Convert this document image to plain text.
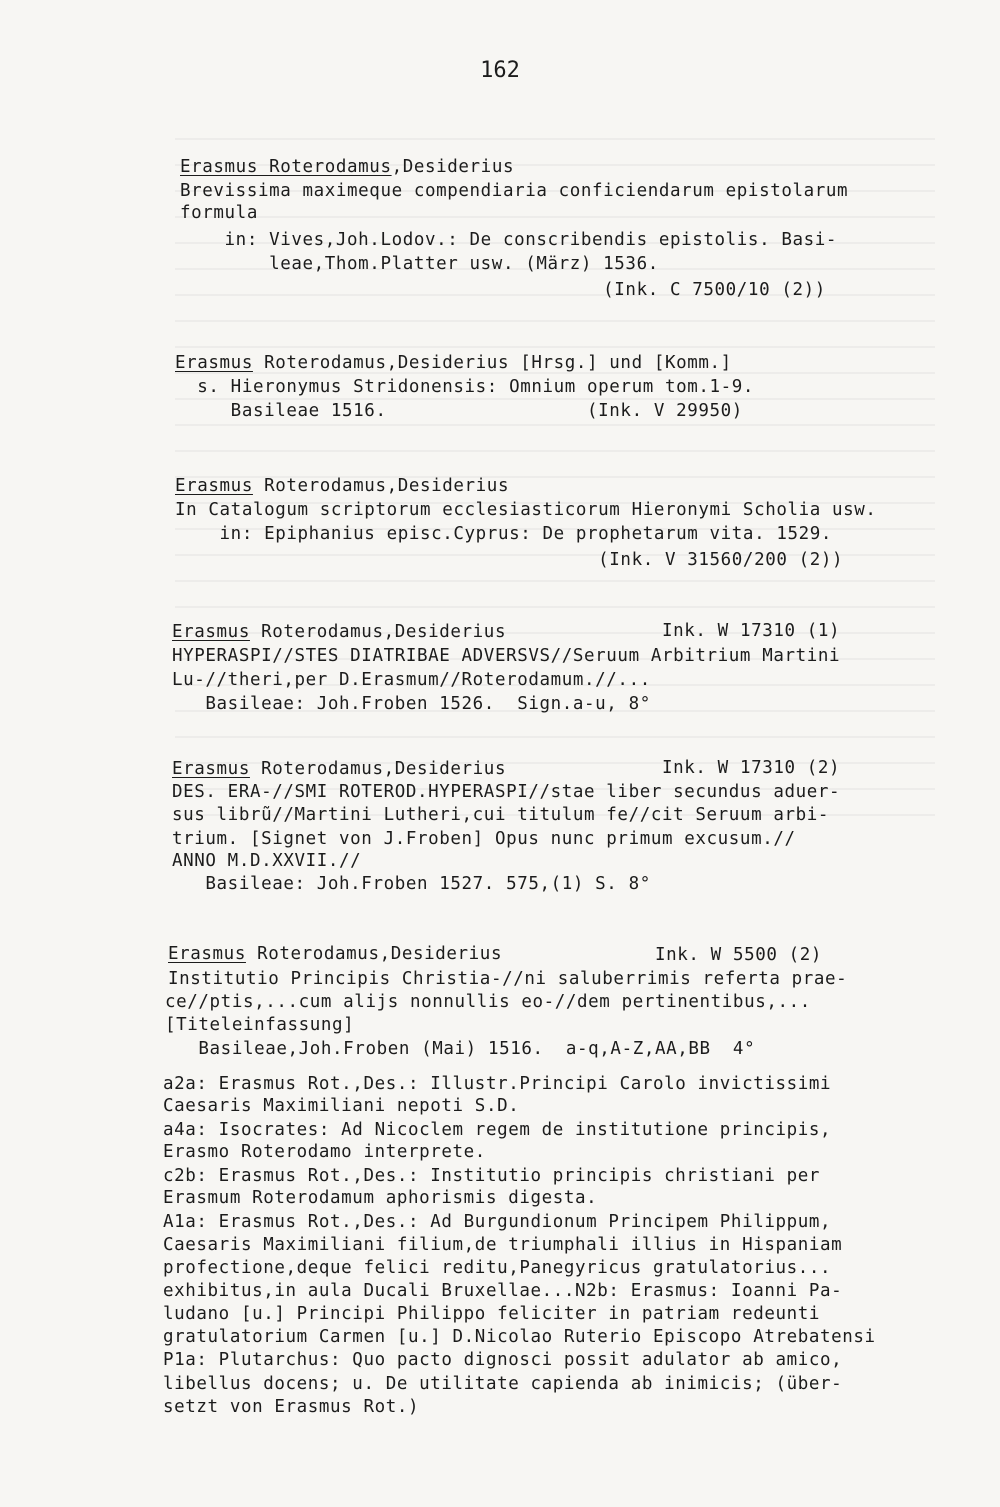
162
Erasmus Roterodamus,Desiderius
Brevissima maximeque compendiaria conficiendarum epistolarum
formula
in: Vives,Joh.Lodov.: De conscribendis epistolis. Basi-
leae,Thom.Platter usw. (März) 1536.
(Ink. C 7500/10 (2))
Erasmus Roterodamus,Desiderius [Hrsg.] und [Komm.]
s. Hieronymus Stridonensis: Omnium operum tom.1-9.
Basileae 1516.                  (Ink. V 29950)
Erasmus Roterodamus,Desiderius
In Catalogum scriptorum ecclesiasticorum Hieronymi Scholia usw.
in: Epiphanius episc.Cyprus: De prophetarum vita. 1529.
(Ink. V 31560/200 (2))
Erasmus Roterodamus,Desiderius	Ink. W 17310 (1)
HYPERASPI//STES DIATRIBAE ADVERSVS//Seruum Arbitrium Martini
Lu-//theri,per D.Erasmum//Roterodamum.//...
Basileae: Joh.Froben 1526.  Sign.a-u, 8°
Erasmus Roterodamus,Desiderius	Ink. W 17310 (2)
DES. ERA-//SMI ROTEROD.HYPERASPI//stae liber secundus aduer-
sus librũ//Martini Lutheri,cui titulum fe//cit Seruum arbi-
trium. [Signet von J.Froben] Opus nunc primum excusum.//
ANNO M.D.XXVII.//
Basileae: Joh.Froben 1527. 575,(1) S. 8°
Erasmus Roterodamus,Desiderius	Ink. W 5500 (2)
Institutio Principis Christia-//ni saluberrimis referta prae-
ce//ptis,...cum alijs nonnullis eo-//dem pertinentibus,...
[Titeleinfassung]
Basileae,Joh.Froben (Mai) 1516.  a-q,A-Z,AA,BB  4°
a2a: Erasmus Rot.,Des.: Illustr.Principi Carolo invictissimi
Caesaris Maximiliani nepoti S.D.
a4a: Isocrates: Ad Nicoclem regem de institutione principis,
Erasmo Roterodamo interprete.
c2b: Erasmus Rot.,Des.: Institutio principis christiani per
Erasmum Roterodamum aphorismis digesta.
A1a: Erasmus Rot.,Des.: Ad Burgundionum Principem Philippum,
Caesaris Maximiliani filium,de triumphali illius in Hispaniam
profectione,deque felici reditu,Panegyricus gratulatorius...
exhibitus,in aula Ducali Bruxellae...N2b: Erasmus: Ioanni Pa-
ludano [u.] Principi Philippo feliciter in patriam redeunti
gratulatorium Carmen [u.] D.Nicolao Ruterio Episcopo Atrebatensi
P1a: Plutarchus: Quo pacto dignosci possit adulator ab amico,
libellus docens; u. De utilitate capienda ab inimicis; (über-
setzt von Erasmus Rot.)
